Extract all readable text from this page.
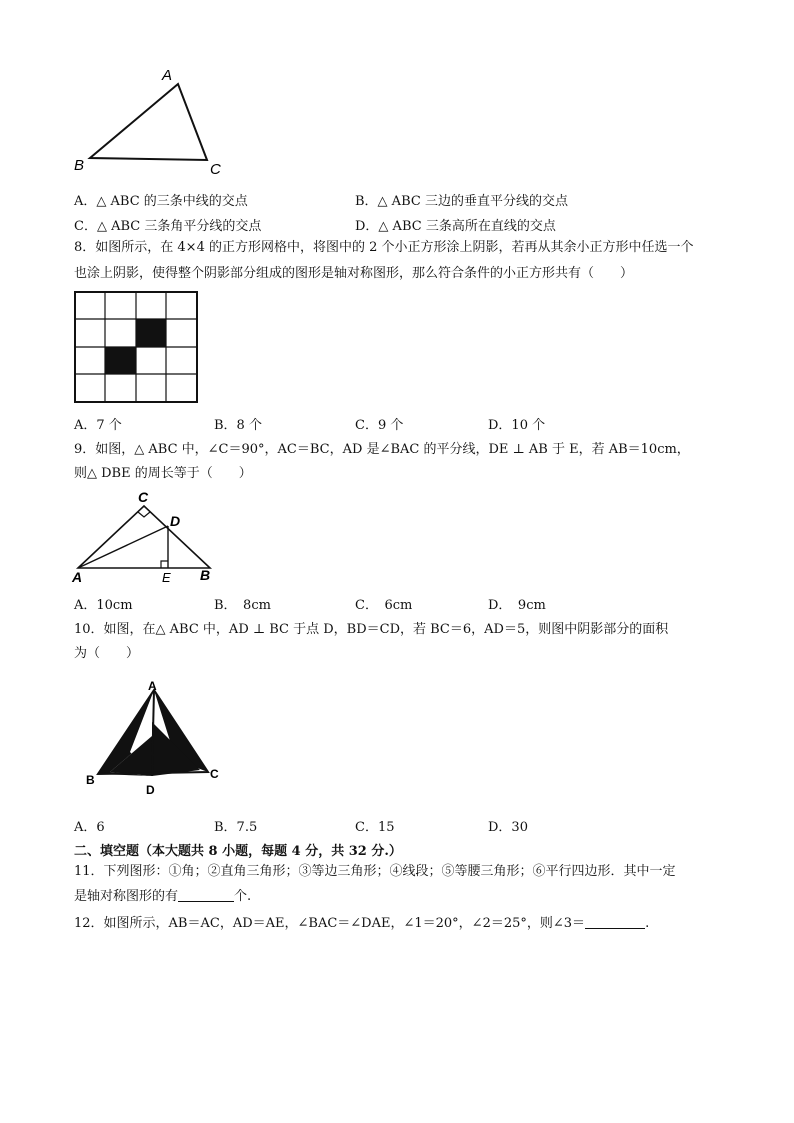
A
B	C
A．△ ABC 的三条中线的交点	B．△ ABC 三边的垂直平分线的交点
C．△ ABC 三条角平分线的交点	D．△ ABC 三条高所在直线的交点
8．如图所示，在 4×4 的正方形网格中，将图中的 2 个小正方形涂上阴影，若再从其余小正方形中任选一个
也涂上阴影，使得整个阴影部分组成的图形是轴对称图形，那么符合条件的小正方形共有（　　）
A．7 个	B．8 个	C．9 个	D．10 个
9．如图，△ ABC 中，∠C＝90°，AC＝BC，AD 是∠BAC 的平分线，DE ⊥ AB 于 E，若 AB＝10cm，
则△ DBE 的周长等于（　　）
C
D
A	E B
A．10cm	B．　8cm	C．　6cm	D．　9cm
10．如图，在△ ABC 中，AD ⊥ BC 于点 D，BD＝CD，若 BC＝6，AD＝5，则图中阴影部分的面积
为（　　）
A
B	C
D
A．6	B．7.5	C．15	D．30
二、填空题（本大题共 8 小题，每题 4 分，共 32 分.）
11．下列图形：①角；②直角三角形；③等边三角形；④线段；⑤等腰三角形；⑥平行四边形．其中一定
是轴对称图形的有	个.
12．如图所示，AB＝AC，AD＝AE，∠BAC＝∠DAE，∠1＝20°，∠2＝25°，则∠3＝	.
